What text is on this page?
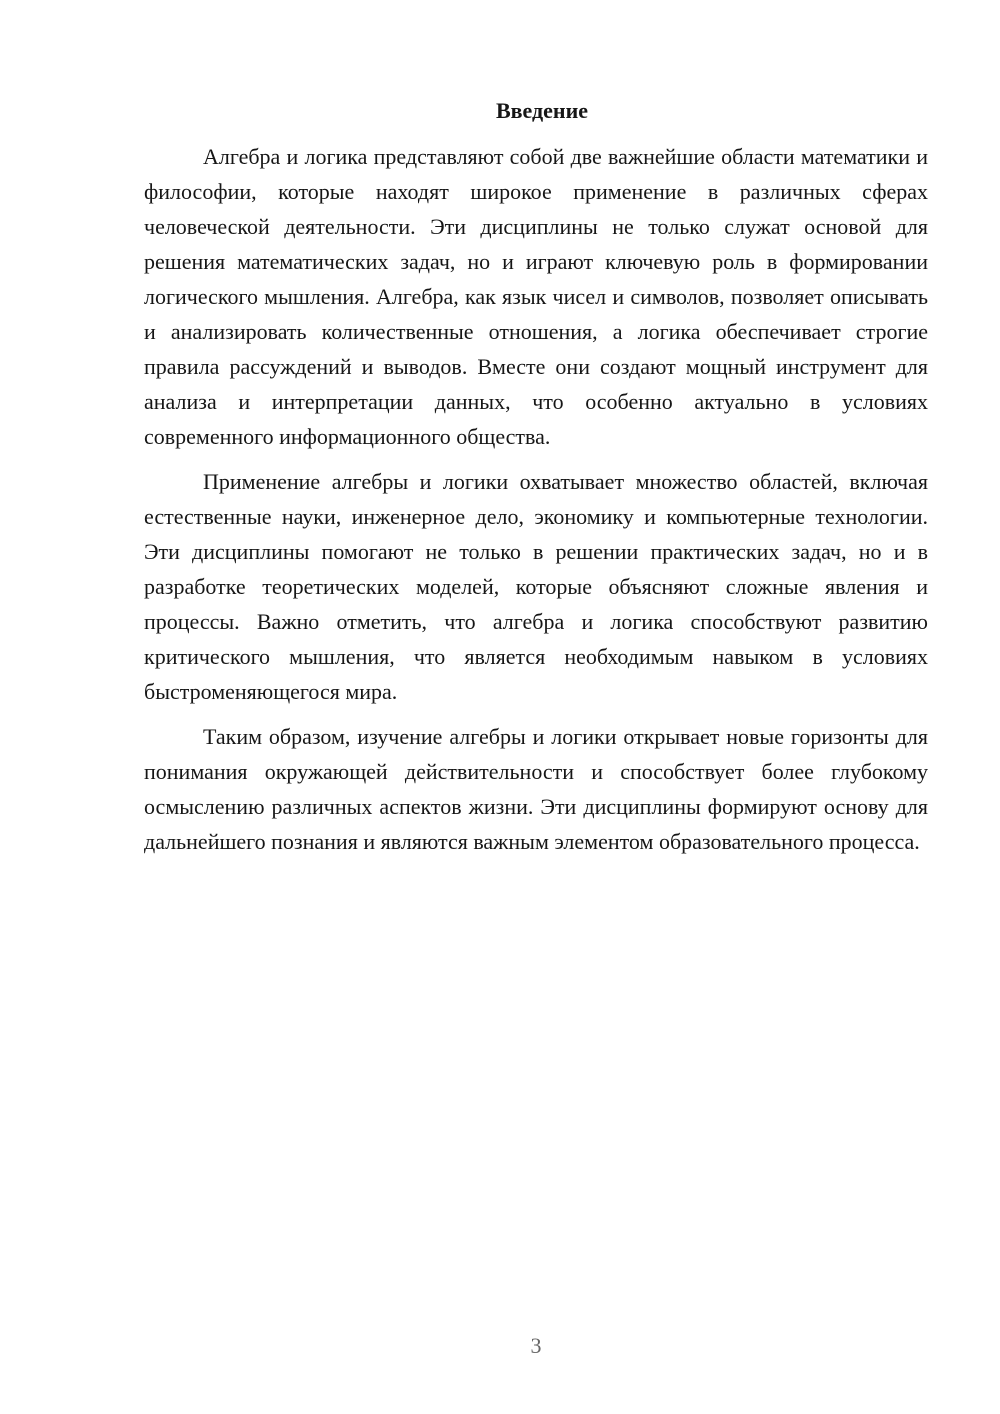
Введение

Алгебра и логика представляют собой две важнейшие области математики и философии, которые находят широкое применение в различных сферах человеческой деятельности. Эти дисциплины не только служат основой для решения математических задач, но и играют ключевую роль в формировании логического мышления. Алгебра, как язык чисел и символов, позволяет описывать и анализировать количественные отношения, а логика обеспечивает строгие правила рассуждений и выводов. Вместе они создают мощный инструмент для анализа и интерпретации данных, что особенно актуально в условиях современного информационного общества.

Применение алгебры и логики охватывает множество областей, включая естественные науки, инженерное дело, экономику и компьютерные технологии. Эти дисциплины помогают не только в решении практических задач, но и в разработке теоретических моделей, которые объясняют сложные явления и процессы. Важно отметить, что алгебра и логика способствуют развитию критического мышления, что является необходимым навыком в условиях быстроменяющегося мира.

Таким образом, изучение алгебры и логики открывает новые горизонты для понимания окружающей действительности и способствует более глубокому осмыслению различных аспектов жизни. Эти дисциплины формируют основу для дальнейшего познания и являются важным элементом образовательного процесса.

3
